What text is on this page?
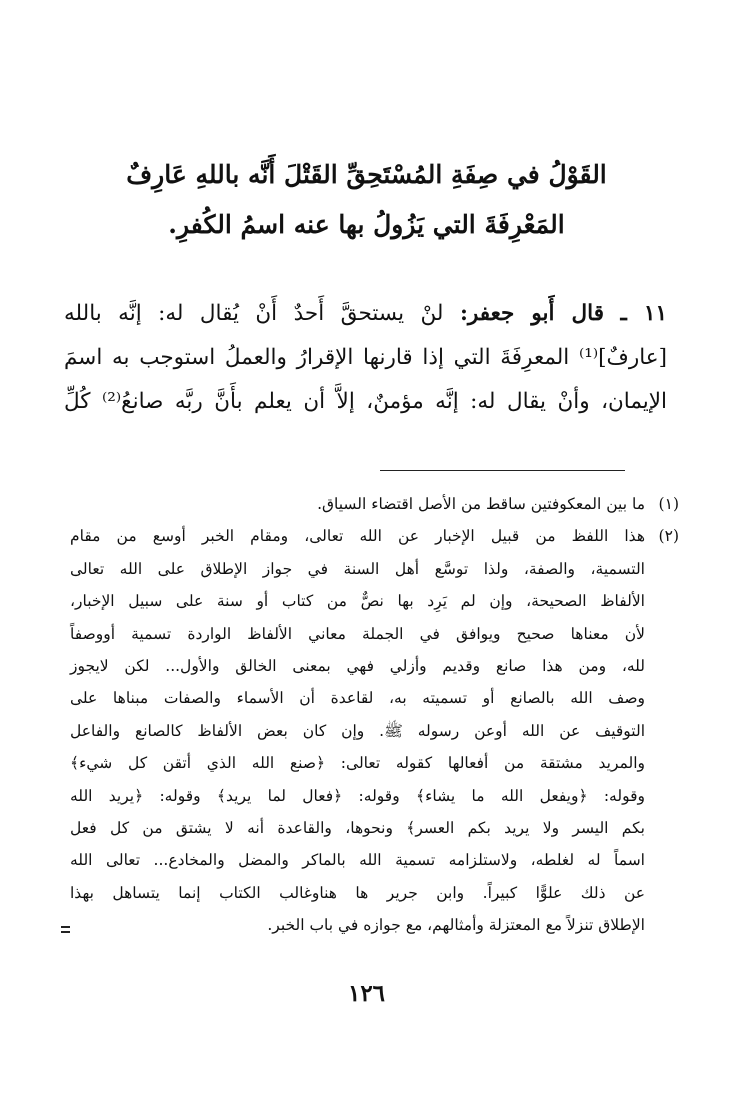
القَوْلُ في صِفَةِ المُسْتَحِقِّ القَتْلَ أَنَّه باللهِ عَارِفٌ
المَعْرِفَةَ التي يَزُولُ بها عنه اسمُ الكُفرِ.
١١ ـ قال أَبو جعفر: لنْ يستحقَّ أَحدٌ أَنْ يُقال له: إنَّه بالله
[عارفٌ]⁽¹⁾ المعرِفَةَ التي إذا قارنها الإقرارُ والعملُ استوجب به اسمَ
الإيمان، وأنْ يقال له: إنَّه مؤمنٌ، إلاَّ أن يعلم بأَنَّ ربَّه صانعُ⁽²⁾ كُلِّ
(١)
ما بين المعكوفتين ساقط من الأصل اقتضاء السياق.
(٢)
هذا اللفظ من قبيل الإخبار عن الله تعالى، ومقام الخبر أوسع من مقام
التسمية، والصفة، ولذا توسَّع أهل السنة في جواز الإطلاق على الله تعالى
الألفاظ الصحيحة، وإن لم يَرِد بها نصٌّ من كتاب أو سنة على سبيل الإخبار،
لأن معناها صحيح ويوافق في الجملة معاني الألفاظ الواردة تسمية أووصفاً
لله، ومن هذا صانع وقديم وأزلي فهي بمعنى الخالق والأول... لكن لايجوز
وصف الله بالصانع أو تسميته به، لقاعدة أن الأسماء والصفات مبناها على
التوقيف عن الله أوعن رسوله ﷺ. وإن كان بعض الألفاظ كالصانع والفاعل
والمريد مشتقة من أفعالها كقوله تعالى: ﴿صنع الله الذي أتقن كل شيء﴾
وقوله: ﴿ويفعل الله ما يشاء﴾ وقوله: ﴿فعال لما يريد﴾ وقوله: ﴿يريد الله
بكم اليسر ولا يريد بكم العسر﴾ ونحوها، والقاعدة أنه لا يشتق من كل فعل
اسماً له لغلطه، ولاستلزامه تسمية الله بالماكر والمضل والمخادع... تعالى الله
عن ذلك علوًّا كبيراً. وابن جرير ها هناوغالب الكتاب إنما يتساهل بهذا
الإطلاق تنزلاً مع المعتزلة وأمثالهم، مع جوازه في باب الخبر.
١٢٦
